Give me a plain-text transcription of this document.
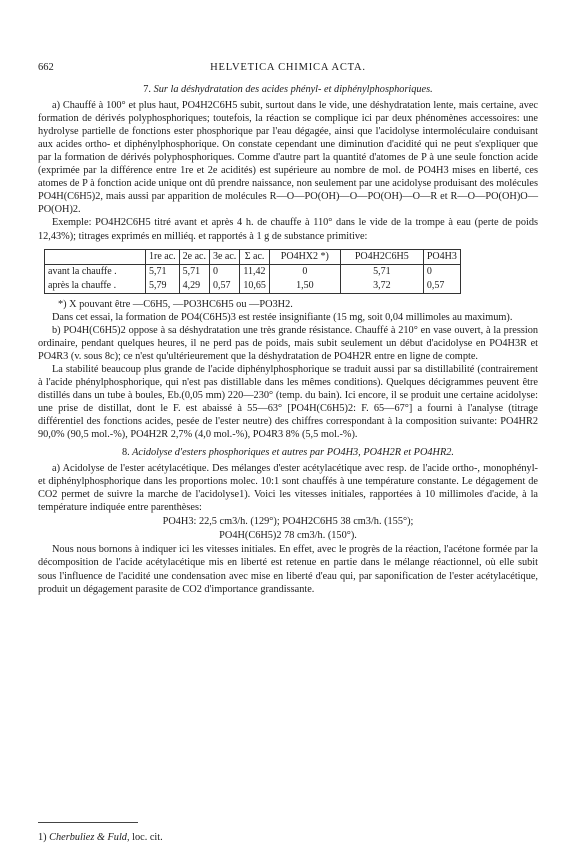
662	HELVETICA CHIMICA ACTA.

7. Sur la déshydratation des acides phényl- et diphénylphosphoriques.

a) Chauffé à 100° et plus haut, PO4H2C6H5 subit, surtout dans le vide, une déshydratation lente, mais certaine, avec formation de dérivés polyphosphoriques; toutefois, la réaction se complique ici par deux phénomènes accessoires: une hydrolyse partielle de fonctions ester phosphorique par l'eau dégagée, ainsi que l'acidolyse intermoléculaire conduisant aux acides ortho- et diphénylphosphorique. On constate cependant une diminution d'acidité qui ne peut s'expliquer que par la formation de dérivés polyphosphoriques. Comme d'autre part la quantité d'atomes de P à une seule fonction acide (exprimée par la différence entre 1re et 2e acidités) est supérieure au nombre de mol. de PO4H3 mises en liberté, ces atomes de P à fonction acide unique ont dû prendre naissance, non seulement par une acidolyse produisant des molécules PO4H(C6H5)2, mais aussi par apparition de molécules R—O—PO(OH)—O—PO(OH)—O—R et R—O—PO(OH)O—PO(OH)2.

Exemple: PO4H2C6H5 titré avant et après 4 h. de chauffe à 110° dans le vide de la trompe à eau (perte de poids 12,43%); titrages exprimés en milliéq. et rapportés à 1 g de substance primitive:

	1re ac.	2e ac.	3e ac.	Σ ac.	PO4HX2 *)	PO4H2C6H5	PO4H3
avant la chauffe .	5,71	5,71	0	11,42	0	5,71	0
après la chauffe .	5,79	4,29	0,57	10,65	1,50	3,72	0,57

*) X pouvant être —C6H5, —PO3HC6H5 ou —PO3H2.

Dans cet essai, la formation de PO4(C6H5)3 est restée insignifiante (15 mg, soit 0,04 millimoles au maximum).

b) PO4H(C6H5)2 oppose à sa déshydratation une très grande résistance. Chauffé à 210° en vase ouvert, à la pression ordinaire, pendant quelques heures, il ne perd pas de poids, mais subit seulement un début d'acidolyse en PO4H3R et PO4R3 (v. sous 8c); ce n'est qu'ultérieurement que la déshydratation de PO4H2R entre en ligne de compte.

La stabilité beaucoup plus grande de l'acide diphénylphosphorique se traduit aussi par sa distillabilité (contrairement à l'acide phénylphosphorique, qui n'est pas distillable dans les mêmes conditions). Quelques décigrammes peuvent être distillés dans un tube à boules, Eb.(0,05 mm) 220—230° (temp. du bain). Ici encore, il se produit une certaine acidolyse: une prise de distillat, dont le F. est abaissé à 55—63° [PO4H(C6H5)2: F. 65—67°] a fourni à l'analyse (titrage différentiel des fonctions acides, pesée de l'ester neutre) des chiffres correspondant à la composition suivante: PO4HR2 90,0% (90,5 mol.-%), PO4H2R 2,7% (4,0 mol.-%), PO4R3 8% (5,5 mol.-%).

8. Acidolyse d'esters phosphoriques et autres par PO4H3, PO4H2R et PO4HR2.

a) Acidolyse de l'ester acétylacétique. Des mélanges d'ester acétylacétique avec resp. de l'acide ortho-, monophényl- et diphénylphosphorique dans les proportions molec. 10:1 sont chauffés à une température constante. Le dégagement de CO2 permet de suivre la marche de l'acidolyse1). Voici les vitesses initiales, rapportées à 10 millimoles d'acide, à la température indiquée entre parenthèses:

PO4H3: 22,5 cm3/h. (129°); PO4H2C6H5 38 cm3/h. (155°);

PO4H(C6H5)2 78 cm3/h. (150°).

Nous nous bornons à indiquer ici les vitesses initiales. En effet, avec le progrès de la réaction, l'acétone formée par la décomposition de l'acide acétylacétique mis en liberté est retenue en partie dans le mélange réactionnel, où elle subit sous l'influence de l'acidité une condensation avec mise en liberté d'eau qui, par saponification de l'ester acétylacétique, produit un dégagement parasite de CO2 d'importance grandissante.

1) Cherbuliez & Fuld, loc. cit.
